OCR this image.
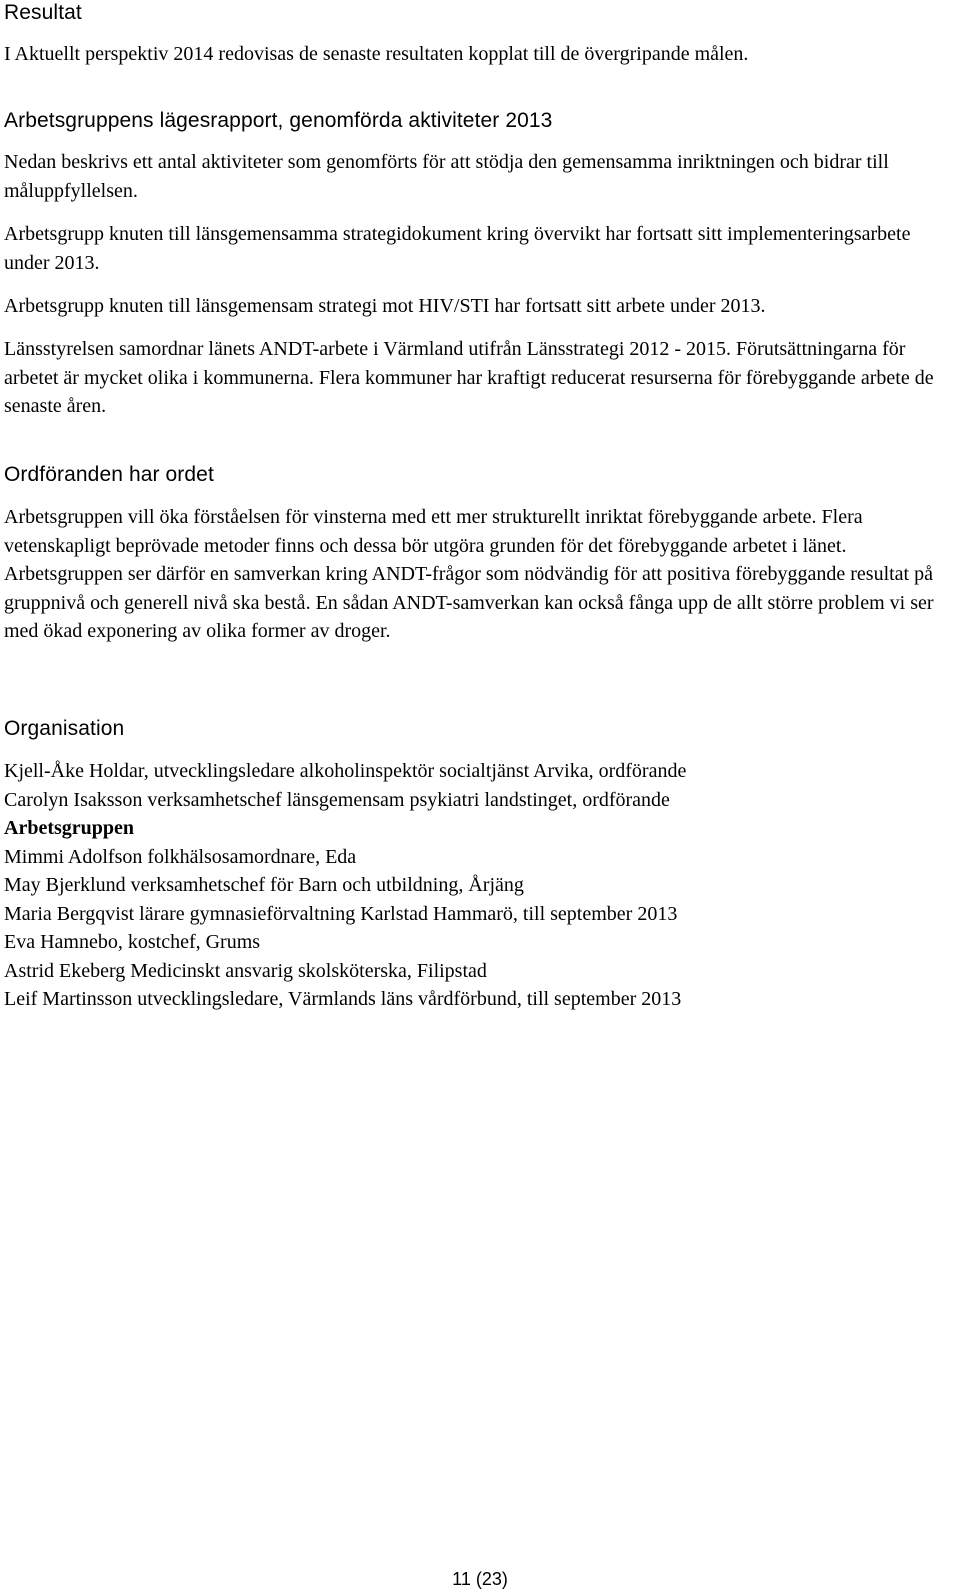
Resultat

I Aktuellt perspektiv 2014 redovisas de senaste resultaten kopplat till de övergripande målen.

Arbetsgruppens lägesrapport, genomförda aktiviteter 2013

Nedan beskrivs ett antal aktiviteter som genomförts för att stödja den gemensamma inriktningen och bidrar till måluppfyllelsen.

Arbetsgrupp knuten till länsgemensamma strategidokument kring övervikt har fortsatt sitt implementeringsarbete under 2013.

Arbetsgrupp knuten till länsgemensam strategi mot HIV/STI har fortsatt sitt arbete under 2013.

Länsstyrelsen samordnar länets ANDT-arbete i Värmland utifrån Länsstrategi 2012 - 2015. Förutsättningarna för arbetet är mycket olika i kommunerna. Flera kommuner har kraftigt reducerat resurserna för förebyggande arbete de senaste åren.

Ordföranden har ordet

Arbetsgruppen vill öka förståelsen för vinsterna med ett mer strukturellt inriktat förebyggande arbete. Flera vetenskapligt beprövade metoder finns och dessa bör utgöra grunden för det förebyggande arbetet i länet. Arbetsgruppen ser därför en samverkan kring ANDT-frågor som nödvändig för att positiva förebyggande resultat på gruppnivå och generell nivå ska bestå. En sådan ANDT-samverkan kan också fånga upp de allt större problem vi ser med ökad exponering av olika former av droger.

Organisation
Kjell-Åke Holdar, utvecklingsledare alkoholinspektör socialtjänst Arvika, ordförande
Carolyn Isaksson verksamhetschef länsgemensam psykiatri landstinget, ordförande
Arbetsgruppen
Mimmi Adolfson folkhälsosamordnare, Eda
May Bjerklund verksamhetschef för Barn och utbildning, Årjäng
Maria Bergqvist lärare gymnasieförvaltning Karlstad Hammarö, till september 2013
Eva Hamnebo, kostchef, Grums
Astrid Ekeberg Medicinskt ansvarig skolsköterska, Filipstad
Leif Martinsson utvecklingsledare, Värmlands läns vårdförbund, till september 2013
11 (23)
